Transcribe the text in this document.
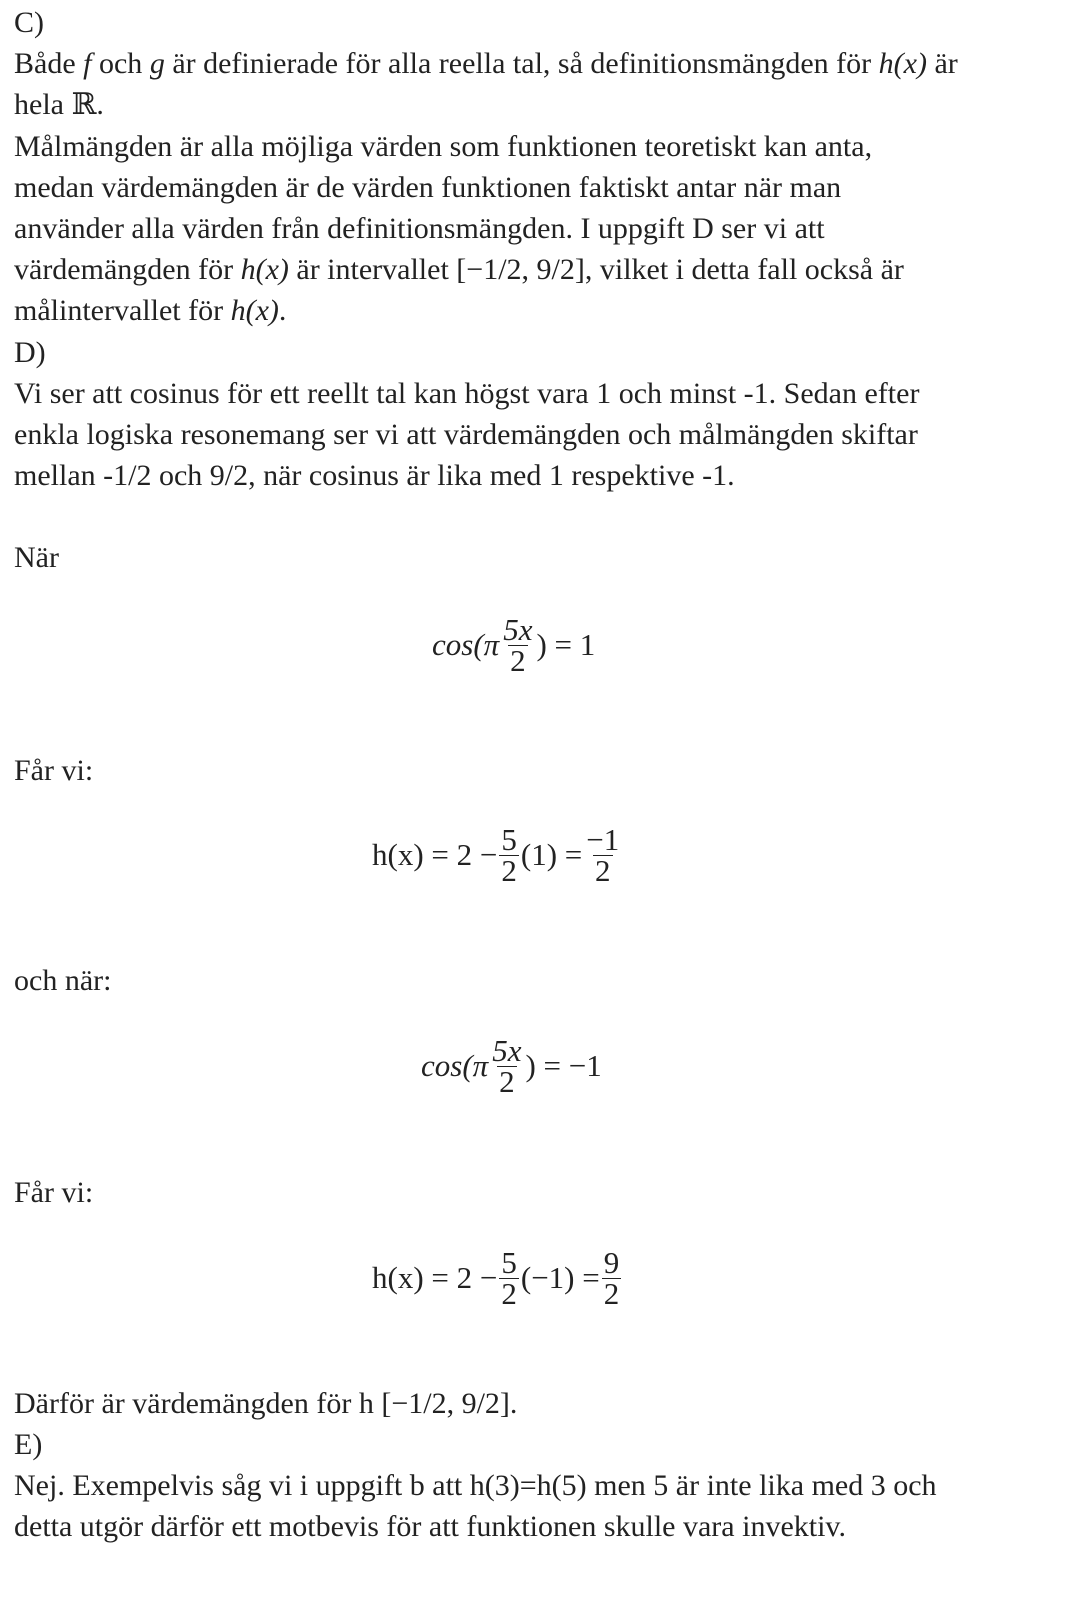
C)
Både f och g är definierade för alla reella tal, så definitionsmängden för h(x) är
hela ℝ.
Målmängden är alla möjliga värden som funktionen teoretiskt kan anta,
medan värdemängden är de värden funktionen faktiskt antar när man
använder alla värden från definitionsmängden. I uppgift D ser vi att
värdemängden för h(x) är intervallet [−1/2, 9/2], vilket i detta fall också är
målintervallet för h(x).
D)
Vi ser att cosinus för ett reellt tal kan högst vara 1 och minst -1. Sedan efter
enkla logiska resonemang ser vi att värdemängden och målmängden skiftar
mellan -1/2 och 9/2, när cosinus är lika med 1 respektive -1.
När
$\cos(\pi \frac{5x}{2}$ ) = 1
Får vi:
$h(x) = 2 - \frac{5}{2} (1) = \frac{-1}{2}$
och när:
$\cos(\pi \frac{5x}{2}$ ) = −1
Får vi:
$h(x) = 2 - \frac{5}{2} (-1) = \frac{9}{2}$
Därför är värdemängden för h [−1/2, 9/2].
E)
Nej. Exempelvis såg vi i uppgift b att h(3)=h(5) men 5 är inte lika med 3 och
detta utgör därför ett motbevis för att funktionen skulle vara invektiv.
